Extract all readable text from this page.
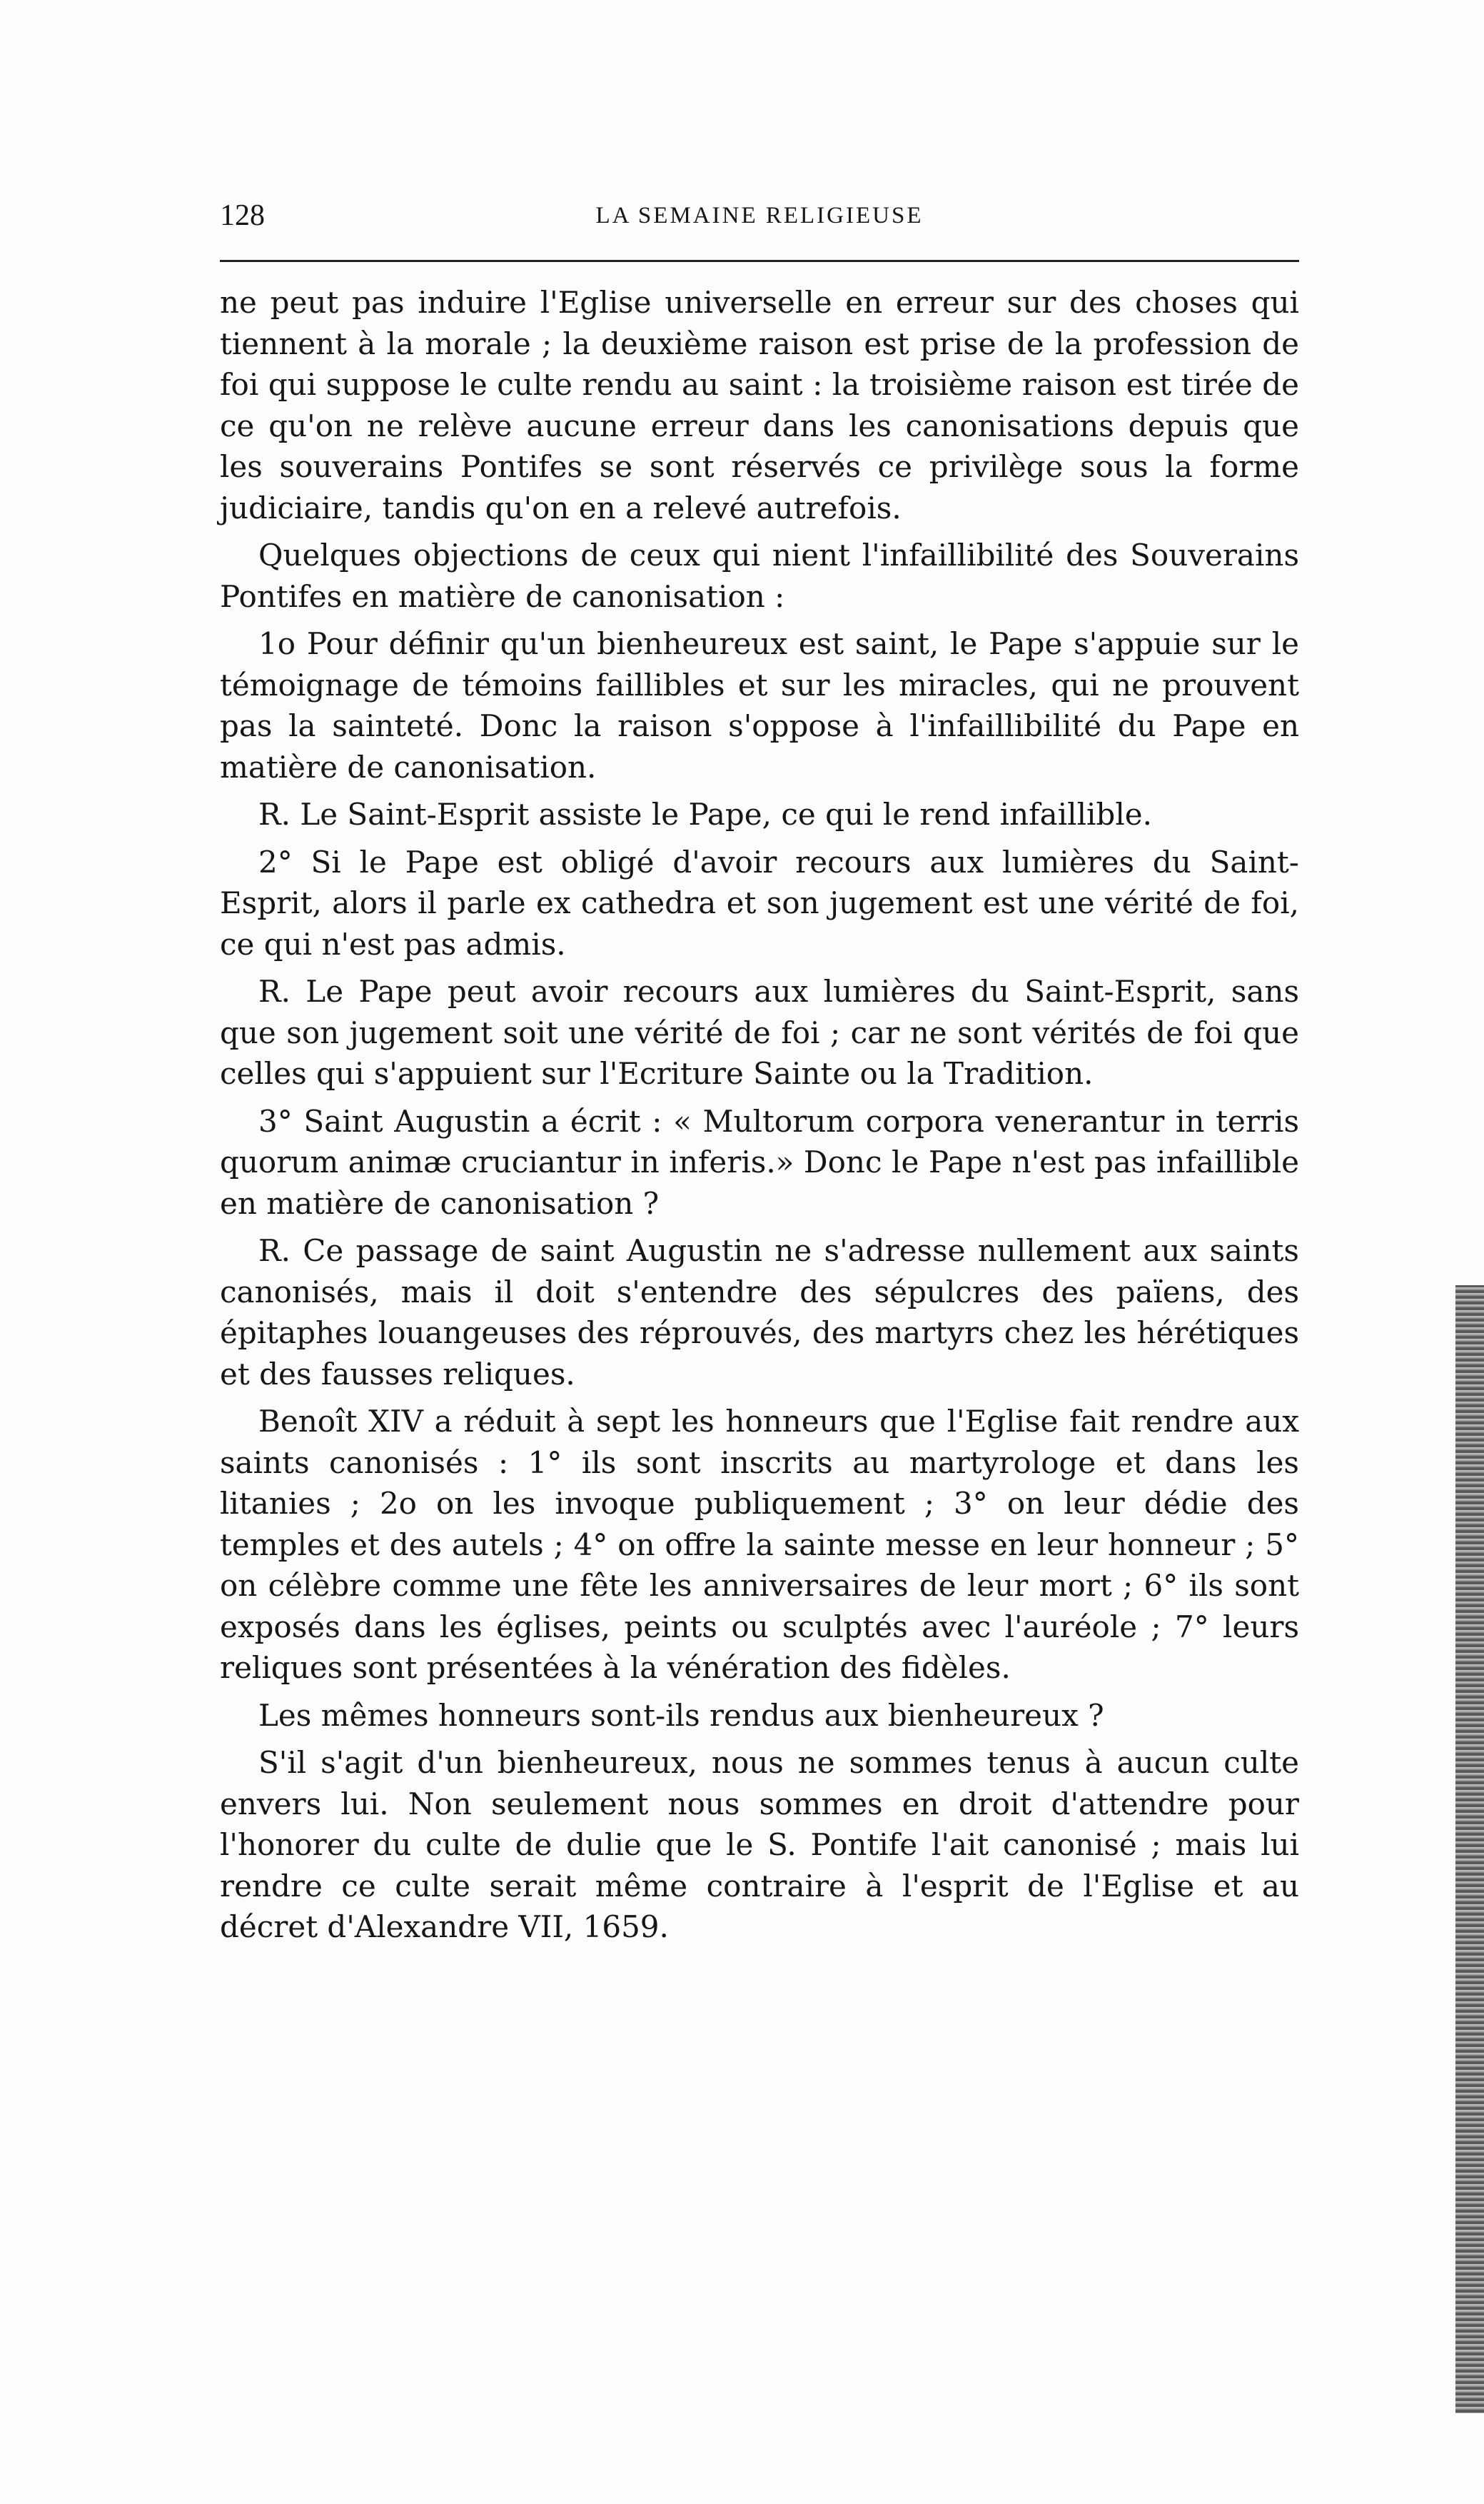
128	LA SEMAINE RELIGIEUSE

ne peut pas induire l'Eglise universelle en erreur sur des choses qui tiennent à la morale ; la deuxième raison est prise de la profession de foi qui suppose le culte rendu au saint : la troisième raison est tirée de ce qu'on ne relève aucune erreur dans les canonisations depuis que les souverains Pontifes se sont réservés ce privilège sous la forme judiciaire, tandis qu'on en a relevé autrefois.

Quelques objections de ceux qui nient l'infaillibilité des Souverains Pontifes en matière de canonisation :

1o Pour définir qu'un bienheureux est saint, le Pape s'appuie sur le témoignage de témoins faillibles et sur les miracles, qui ne prouvent pas la sainteté. Donc la raison s'oppose à l'infaillibilité du Pape en matière de canonisation.

R. Le Saint-Esprit assiste le Pape, ce qui le rend infaillible.

2° Si le Pape est obligé d'avoir recours aux lumières du Saint-Esprit, alors il parle ex cathedra et son jugement est une vérité de foi, ce qui n'est pas admis.

R. Le Pape peut avoir recours aux lumières du Saint-Esprit, sans que son jugement soit une vérité de foi ; car ne sont vérités de foi que celles qui s'appuient sur l'Ecriture Sainte ou la Tradition.

3° Saint Augustin a écrit : « Multorum corpora venerantur in terris quorum animæ cruciantur in inferis.» Donc le Pape n'est pas infaillible en matière de canonisation ?

R. Ce passage de saint Augustin ne s'adresse nullement aux saints canonisés, mais il doit s'entendre des sépulcres des païens, des épitaphes louangeuses des réprouvés, des martyrs chez les hérétiques et des fausses reliques.

Benoît XIV a réduit à sept les honneurs que l'Eglise fait rendre aux saints canonisés : 1° ils sont inscrits au martyrologe et dans les litanies ; 2o on les invoque publiquement ; 3° on leur dédie des temples et des autels ; 4° on offre la sainte messe en leur honneur ; 5° on célèbre comme une fête les anniversaires de leur mort ; 6° ils sont exposés dans les églises, peints ou sculptés avec l'auréole ; 7° leurs reliques sont présentées à la vénération des fidèles.

Les mêmes honneurs sont-ils rendus aux bienheureux ?

S'il s'agit d'un bienheureux, nous ne sommes tenus à aucun culte envers lui. Non seulement nous sommes en droit d'attendre pour l'honorer du culte de dulie que le S. Pontife l'ait canonisé ; mais lui rendre ce culte serait même contraire à l'esprit de l'Eglise et au décret d'Alexandre VII, 1659.
